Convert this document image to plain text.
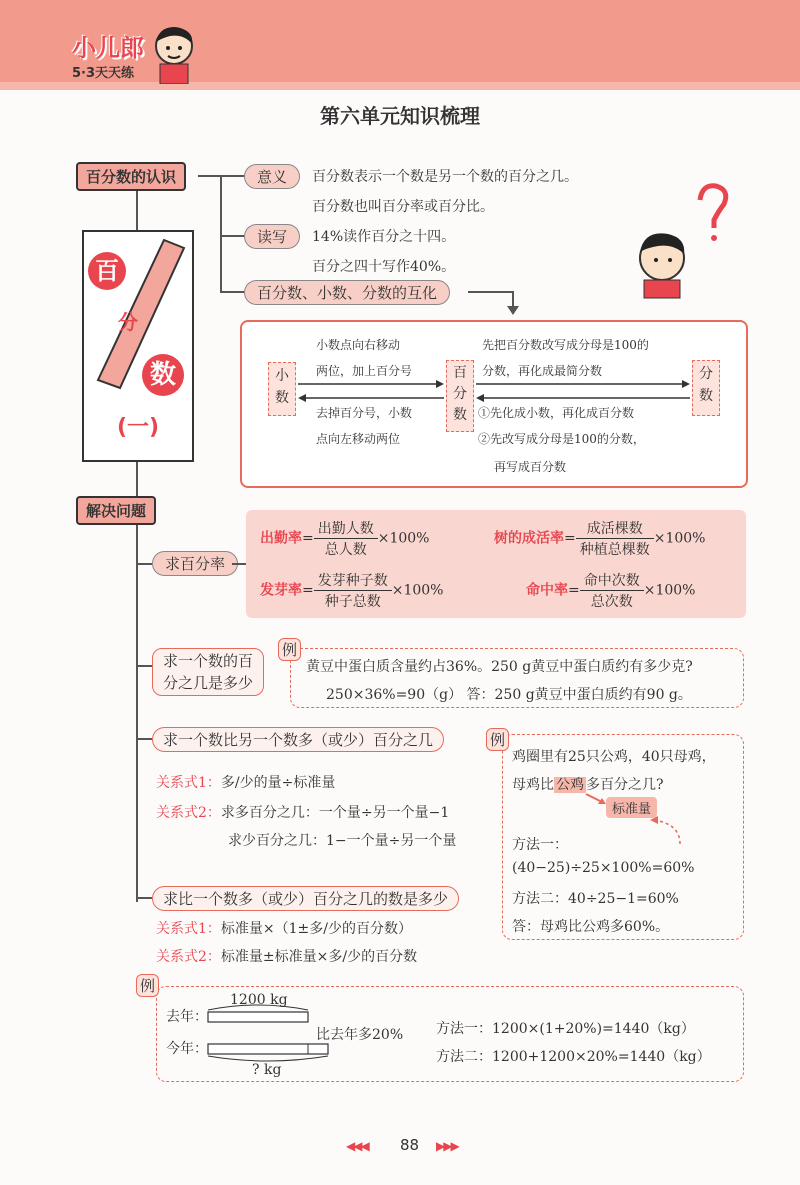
小儿郎
5·3天天练
第六单元知识梳理
百分数的认识
百
分
数
(一)
意义	百分数表示一个数是另一个数的百分之几。
百分数也叫百分率或百分比。
读写	14%读作百分之十四。
百分之四十写作40%。
百分数、小数、分数的互化
小数
百分数
分数
小数点向右移动
两位，加上百分号
去掉百分号，小数
点向左移动两位
先把百分数改写成分母是100的
分数，再化成最简分数
①先化成小数，再化成百分数
②先改写成分母是100的分数，
再写成百分数
解决问题
求百分率
出勤率= $\frac{\text{出勤人数}}{\text{总人数}} \times 100\%$	树的成活率= $\frac{\text{成活棵数}}{\text{种植总棵数}} \times 100\%$
发芽率= $\frac{\text{发芽种子数}}{\text{种子总数}} \times 100\%$	命中率= $\frac{\text{命中次数}}{\text{总次数}} \times 100\%$
求一个数的百
分之几是多少
例
黄豆中蛋白质含量约占36%。250 g黄豆中蛋白质约有多少克?
250×36%=90（g） 答：250 g黄豆中蛋白质约有90 g。
求一个数比另一个数多（或少）百分之几
关系式1：多/少的量÷标准量
关系式2：求多百分之几：一个量÷另一个量−1
求少百分之几：1−一个量÷另一个量
例
鸡圈里有25只公鸡，40只母鸡，
母鸡比 公鸡 多百分之几?
标准量
方法一：
(40−25)÷25×100%=60%
方法二：40÷25−1=60%
答：母鸡比公鸡多60%。
求比一个数多（或少）百分之几的数是多少
关系式1：标准量×（1±多/少的百分数）
关系式2：标准量±标准量×多/少的百分数
例
去年：
今年：
1200 kg
比去年多20%
? kg
方法一：1200×(1+20%)=1440（kg）
方法二：1200+1200×20%=1440（kg）
◀◀◀ 88 ▶▶▶
